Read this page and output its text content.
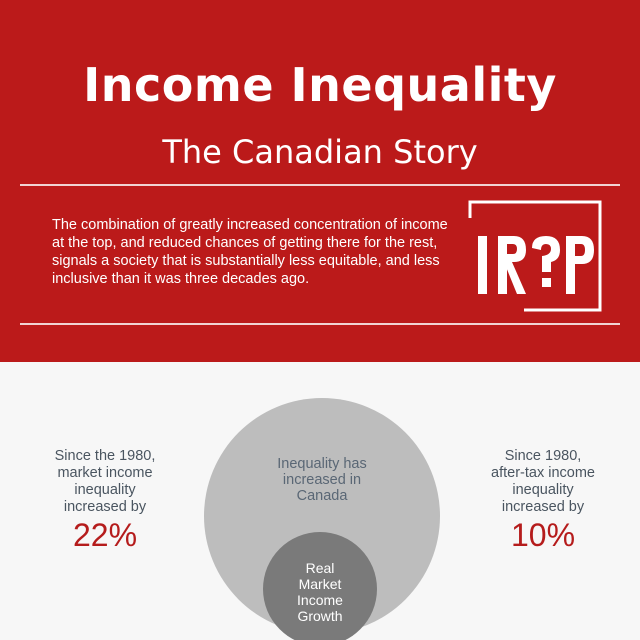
Income Inequality
The Canadian Story
The combination of greatly increased concentration of income at the top, and reduced chances of getting there for the rest, signals a society that is substantially less equitable, and less inclusive than it was three decades ago.
Since the 1980,
market income
inequality
increased by
22%
Inequality has
increased in
Canada
Real
Market
Income
Growth
Since 1980,
after-tax income
inequality
increased by
10%
